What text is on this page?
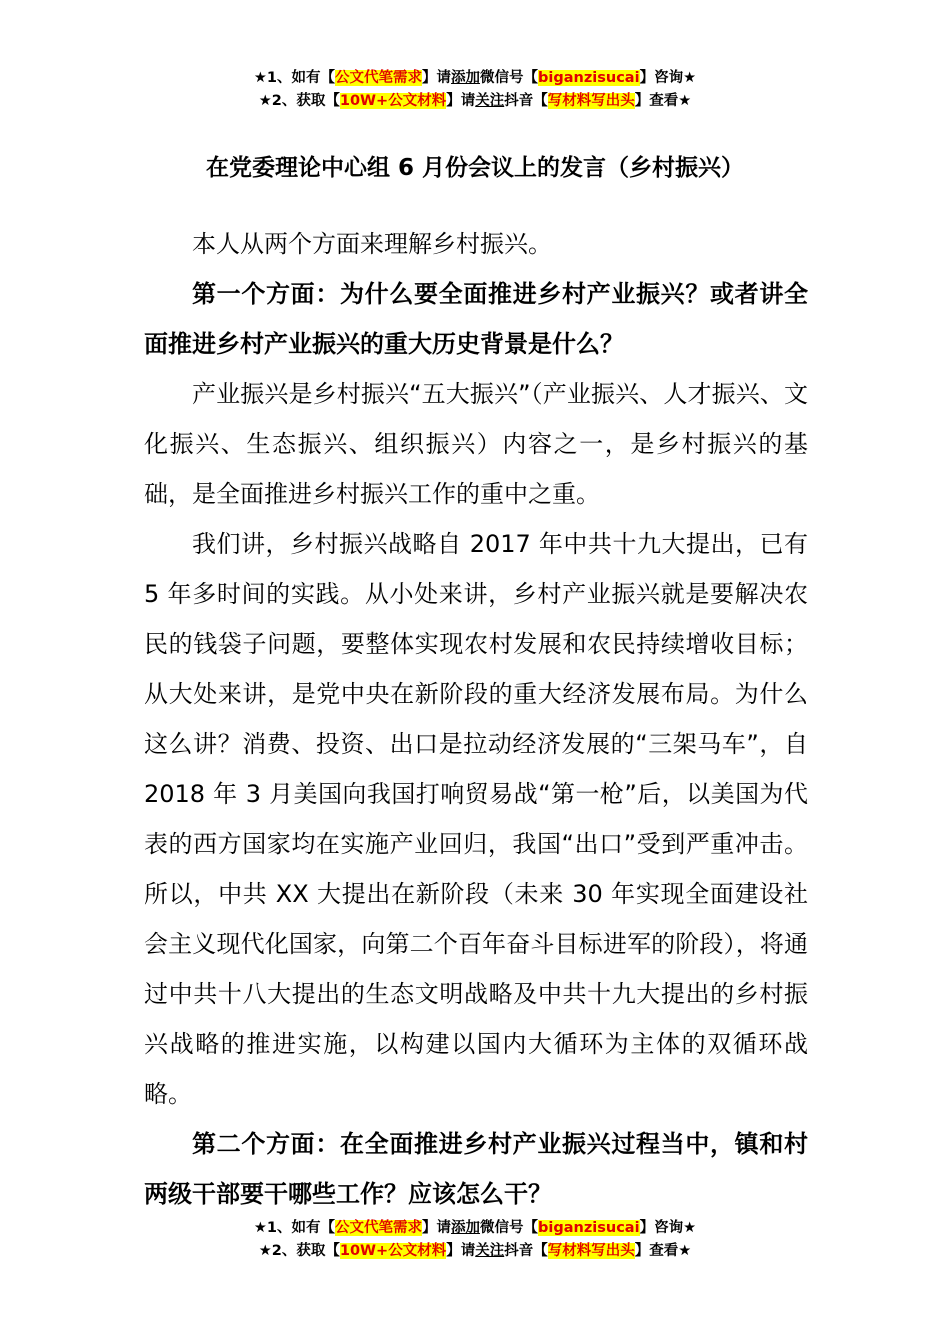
★1、如有【公文代笔需求】请添加微信号【biganzisucai】咨询★
★2、获取【10W+公文材料】请关注抖音【写材料写出头】查看★
在党委理论中心组 6 月份会议上的发言（乡村振兴）

本人从两个方面来理解乡村振兴。

第一个方面：为什么要全面推进乡村产业振兴？或者讲全面推进乡村产业振兴的重大历史背景是什么？

产业振兴是乡村振兴“五大振兴”（产业振兴、人才振兴、文化振兴、生态振兴、组织振兴）内容之一，是乡村振兴的基础，是全面推进乡村振兴工作的重中之重。

我们讲，乡村振兴战略自 2017 年中共十九大提出，已有 5 年多时间的实践。从小处来讲，乡村产业振兴就是要解决农民的钱袋子问题，要整体实现农村发展和农民持续增收目标；从大处来讲，是党中央在新阶段的重大经济发展布局。为什么这么讲？消费、投资、出口是拉动经济发展的“三架马车”，自 2018 年 3 月美国向我国打响贸易战“第一枪”后，以美国为代表的西方国家均在实施产业回归，我国“出口”受到严重冲击。所以，中共 XX 大提出在新阶段（未来 30 年实现全面建设社会主义现代化国家，向第二个百年奋斗目标进军的阶段），将通过中共十八大提出的生态文明战略及中共十九大提出的乡村振兴战略的推进实施，以构建以国内大循环为主体的双循环战略。

第二个方面：在全面推进乡村产业振兴过程当中，镇和村两级干部要干哪些工作？应该怎么干？

★1、如有【公文代笔需求】请添加微信号【biganzisucai】咨询★
★2、获取【10W+公文材料】请关注抖音【写材料写出头】查看★
